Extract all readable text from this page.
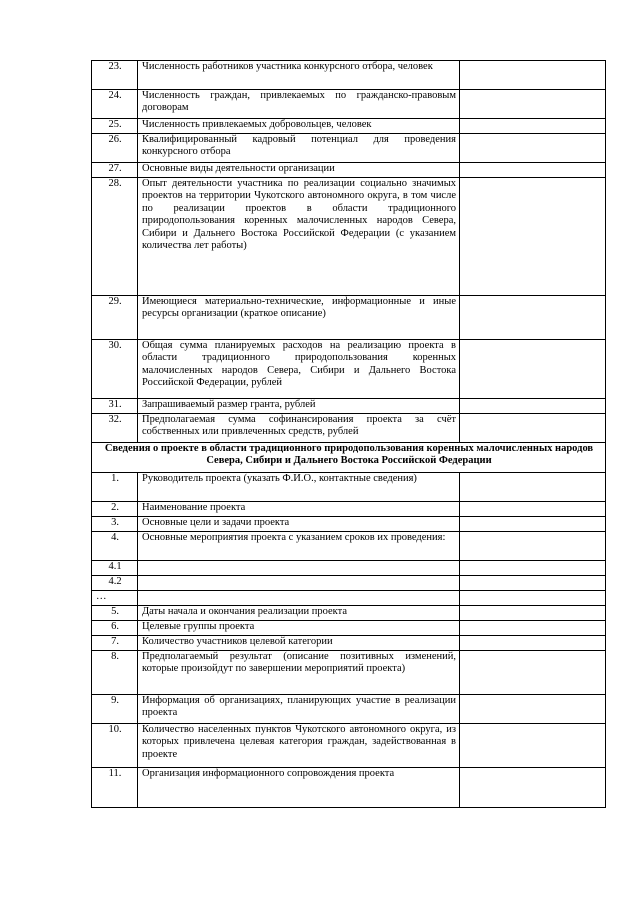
23.	Численность работников участника конкурсного отбора, человек	
24.	Численность граждан, привлекаемых по гражданско-правовым договорам	
25.	Численность привлекаемых добровольцев, человек	
26.	Квалифицированный кадровый потенциал для проведения конкурсного отбора	
27.	Основные виды деятельности организации	
28.	Опыт деятельности участника по реализации социально значимых проектов на территории Чукотского автономного округа, в том числе по реализации проектов в области традиционного природопользования коренных малочисленных народов Севера, Сибири и Дальнего Востока Российской Федерации (с указанием количества лет работы)	
29.	Имеющиеся материально-технические, информационные и иные ресурсы организации (краткое описание)	
30.	Общая сумма планируемых расходов на реализацию проекта в области традиционного природопользования коренных малочисленных народов Севера, Сибири и Дальнего Востока Российской Федерации, рублей	
31.	Запрашиваемый размер гранта, рублей	
32.	Предполагаемая сумма софинансирования проекта за счёт собственных или привлеченных средств, рублей	
Сведения о проекте в области традиционного природопользования коренных малочисленных народов Севера, Сибири и Дальнего Востока Российской Федерации		
1.	Руководитель проекта (указать Ф.И.О., контактные сведения)	
2.	Наименование проекта	
3.	Основные цели и задачи проекта	
4.	Основные мероприятия проекта с указанием сроков их проведения:	
4.1		
4.2		
…		
5.	Даты начала и окончания реализации проекта	
6.	Целевые группы проекта	
7.	Количество участников целевой категории	
8.	Предполагаемый результат (описание позитивных изменений, которые произойдут по завершении мероприятий проекта)	
9.	Информация об организациях, планирующих участие в реализации проекта	
10.	Количество населенных пунктов Чукотского автономного округа, из которых привлечена целевая категория граждан, задействованная в проекте	
11.	Организация информационного сопровождения проекта	
